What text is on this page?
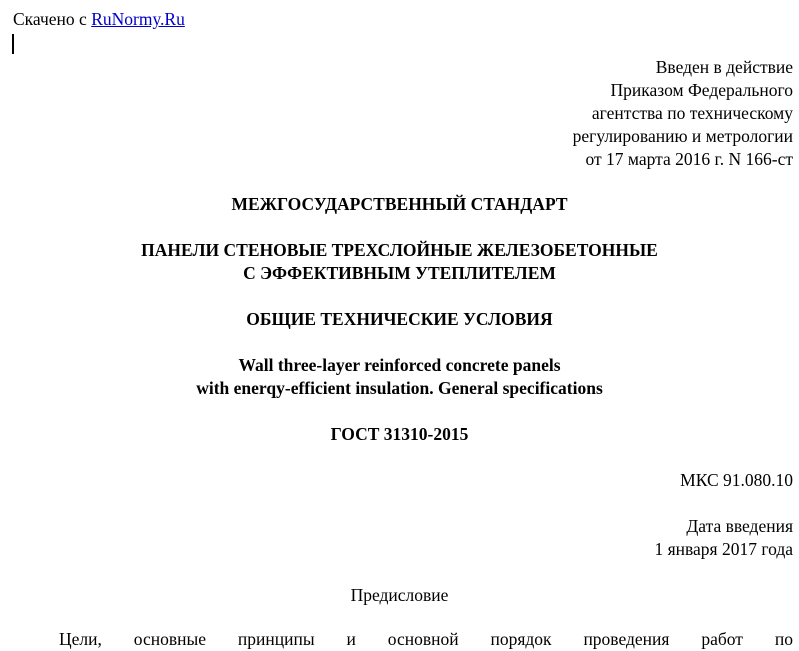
Скачено с RuNormy.Ru
Введен в действие
Приказом Федерального
агентства по техническому
регулированию и метрологии
от 17 марта 2016 г. N 166-ст
МЕЖГОСУДАРСТВЕННЫЙ СТАНДАРТ
ПАНЕЛИ СТЕНОВЫЕ ТРЕХСЛОЙНЫЕ ЖЕЛЕЗОБЕТОННЫЕ
С ЭФФЕКТИВНЫМ УТЕПЛИТЕЛЕМ
ОБЩИЕ ТЕХНИЧЕСКИЕ УСЛОВИЯ
Wall three-layer reinforced concrete panels
with enerqy-efficient insulation. General specifications
ГОСТ 31310-2015
МКС 91.080.10
Дата введения
1 января 2017 года
Предисловие
Цели, основные принципы и основной порядок проведения работ по
